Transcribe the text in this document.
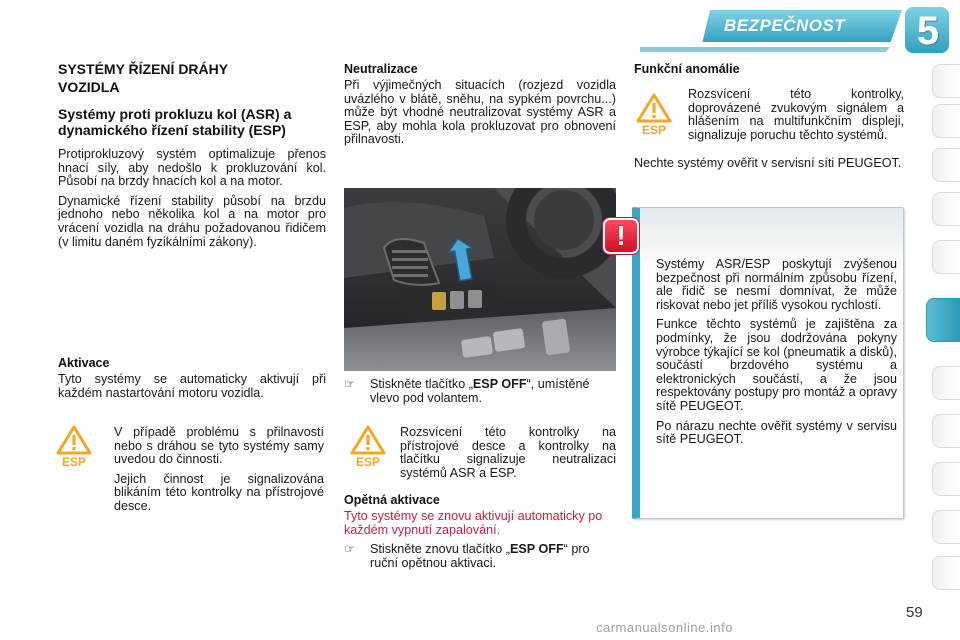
BEZPEČNOST 5
SYSTÉMY ŘÍZENÍ DRÁHY VOZIDLA
Systémy proti prokluzu kol (ASR) a dynamického řízení stability (ESP)

Protiprokluzový systém optimalizuje přenos hnací síly, aby nedošlo k prokluzování kol. Působí na brzdy hnacích kol a na motor.

Dynamické řízení stability působí na brzdu jednoho nebo několika kol a na motor pro vrácení vozidla na dráhu požadovanou řidičem (v limitu daném fyzikálními zákony).

Aktivace

Tyto systémy se automaticky aktivují při každém nastartování motoru vozidla.

ESP

V případě problému s přilnavostí nebo s dráhou se tyto systémy samy uvedou do činnosti.

Jejich činnost je signalizována blikáním této kontrolky na přístrojové desce.

Neutralizace

Při výjimečných situacích (rozjezd vozidla uvázlého v blátě, sněhu, na sypkém povrchu...) může být vhodné neutralizovat systémy ASR a ESP, aby mohla kola prokluzovat pro obnovení přilnavosti.

☞	Stiskněte tlačítko „ESP OFF“, umístěné vlevo pod volantem.

ESP

Rozsvícení této kontrolky na přístrojové desce a kontrolky na tlačítku signalizuje neutralizaci systémů ASR a ESP.

Opětná aktivace

Tyto systémy se znovu aktivují automaticky po každém vypnutí zapalování.

☞	Stiskněte znovu tlačítko „ESP OFF“ pro ruční opětnou aktivaci.

Funkční anomálie
ESP

Rozsvícení této kontrolky, doprovázené zvukovým signálem a hlášením na multifunkčním displeji, signalizuje poruchu těchto systémů.

Nechte systémy ověřit v servisní síti PEUGEOT.

!

Systémy ASR/ESP poskytují zvýšenou bezpečnost při normálním způsobu řízení, ale řidič se nesmí domnívat, že může riskovat nebo jet příliš vysokou rychlostí.

Funkce těchto systémů je zajištěna za podmínky, že jsou dodržována pokyny výrobce týkající se kol (pneumatik a disků), součástí brzdového systému a elektronických součástí, a že jsou respektovány postupy pro montáž a opravy sítě PEUGEOT.

Po nárazu nechte ověřit systémy v servisu sítě PEUGEOT.

59
carmanualsonline.info
